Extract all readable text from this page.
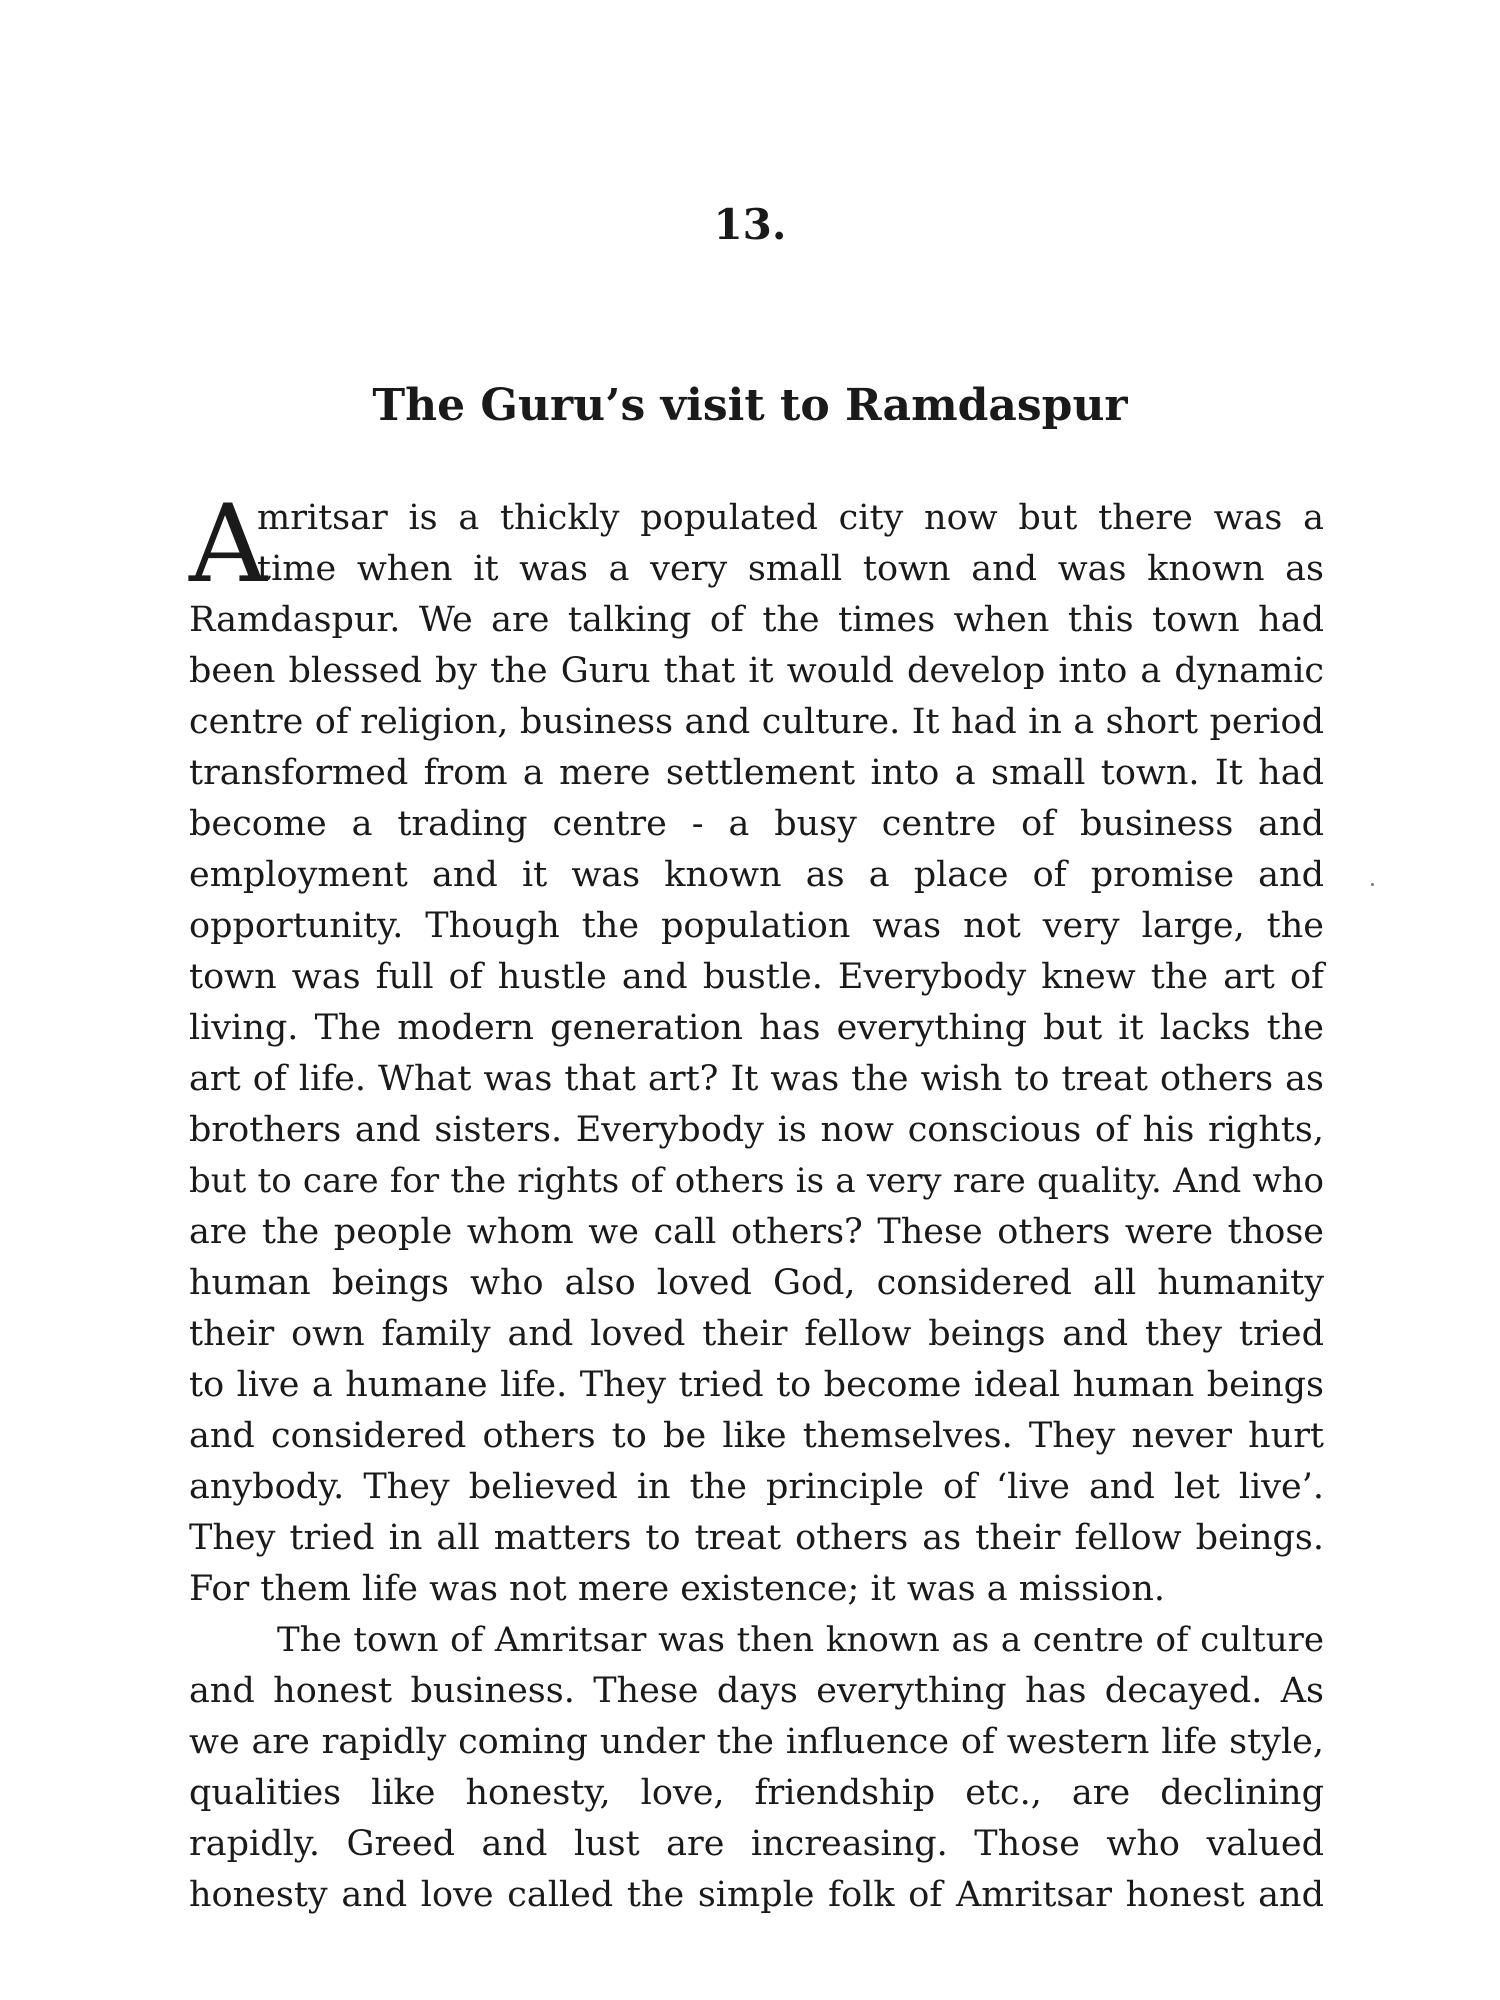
13.
The Guru’s visit to Ramdaspur
A
mritsar is a thickly populated city now but there was a
time when it was a very small town and was known as
Ramdaspur. We are talking of the times when this town had
been blessed by the Guru that it would develop into a dynamic
centre of religion, business and culture. It had in a short period
transformed from a mere settlement into a small town. It had
become a trading centre - a busy centre of business and
employment and it was known as a place of promise and
opportunity. Though the population was not very large, the
town was full of hustle and bustle. Everybody knew the art of
living. The modern generation has everything but it lacks the
art of life. What was that art? It was the wish to treat others as
brothers and sisters. Everybody is now conscious of his rights,
but to care for the rights of others is a very rare quality. And who
are the people whom we call others? These others were those
human beings who also loved God, considered all humanity
their own family and loved their fellow beings and they tried
to live a humane life. They tried to become ideal human beings
and considered others to be like themselves. They never hurt
anybody. They believed in the principle of ‘live and let live’.
They tried in all matters to treat others as their fellow beings.
For them life was not mere existence; it was a mission.
The town of Amritsar was then known as a centre of culture
and honest business. These days everything has decayed. As
we are rapidly coming under the influence of western life style,
qualities like honesty, love, friendship etc., are declining
rapidly. Greed and lust are increasing. Those who valued
honesty and love called the simple folk of Amritsar honest and
